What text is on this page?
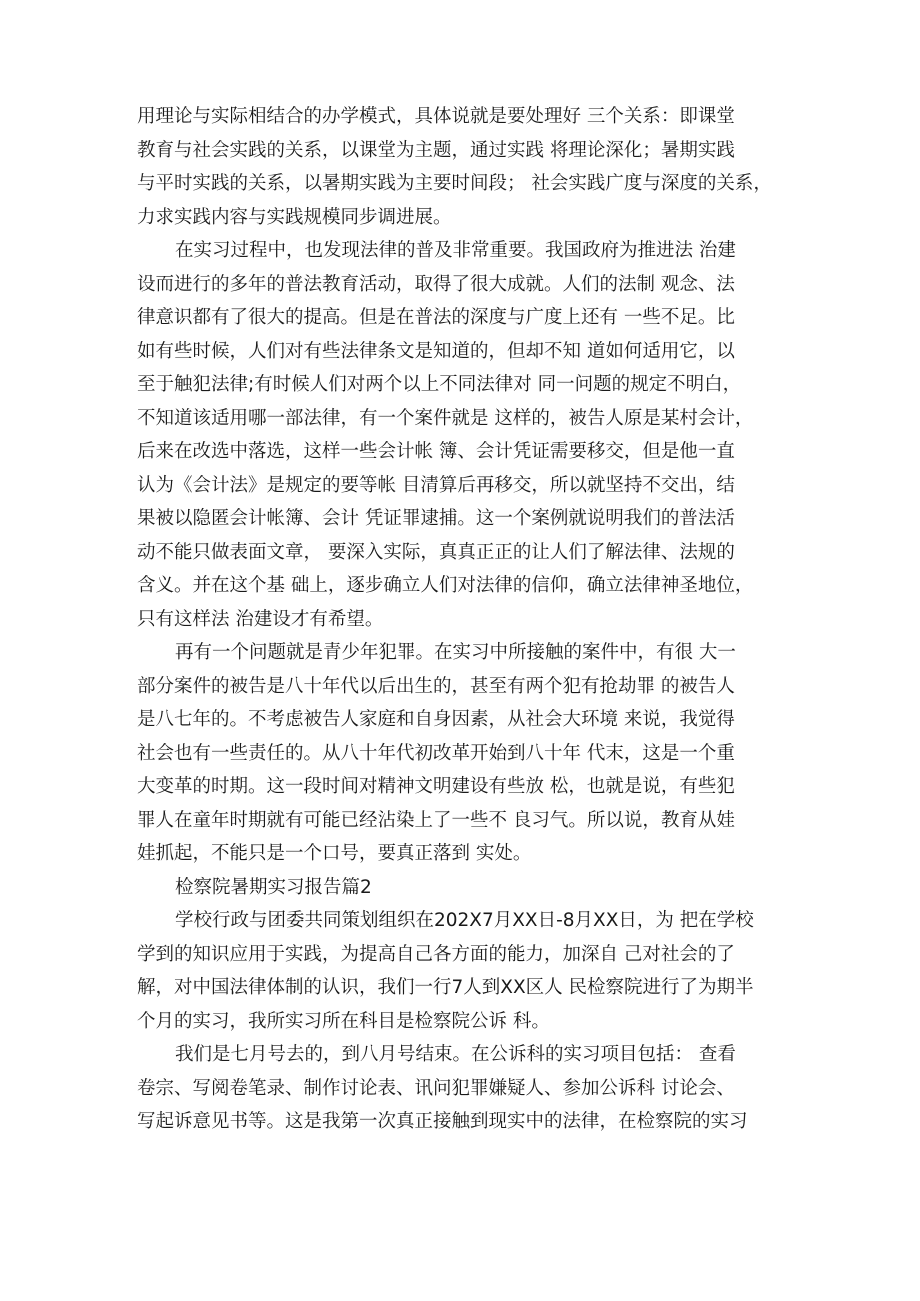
用理论与实际相结合的办学模式，具体说就是要处理好 三个关系：即课堂
教育与社会实践的关系，以课堂为主题，通过实践 将理论深化；暑期实践
与平时实践的关系，以暑期实践为主要时间段； 社会实践广度与深度的关系，
力求实践内容与实践规模同步调进展。
在实习过程中，也发现法律的普及非常重要。我国政府为推进法 治建
设而进行的多年的普法教育活动，取得了很大成就。人们的法制 观念、法
律意识都有了很大的提高。但是在普法的深度与广度上还有 一些不足。比
如有些时候，人们对有些法律条文是知道的，但却不知 道如何适用它，以
至于触犯法律;有时候人们对两个以上不同法律对 同一问题的规定不明白，
不知道该适用哪一部法律，有一个案件就是 这样的，被告人原是某村会计，
后来在改选中落选，这样一些会计帐 簿、会计凭证需要移交，但是他一直
认为《会计法》是规定的要等帐 目清算后再移交，所以就坚持不交出，结
果被以隐匿会计帐簿、会计 凭证罪逮捕。这一个案例就说明我们的普法活
动不能只做表面文章， 要深入实际，真真正正的让人们了解法律、法规的
含义。并在这个基 础上，逐步确立人们对法律的信仰，确立法律神圣地位，
只有这样法 治建设才有希望。
再有一个问题就是青少年犯罪。在实习中所接触的案件中，有很 大一
部分案件的被告是八十年代以后出生的，甚至有两个犯有抢劫罪 的被告人
是八七年的。不考虑被告人家庭和自身因素，从社会大环境 来说，我觉得
社会也有一些责任的。从八十年代初改革开始到八十年 代末，这是一个重
大变革的时期。这一段时间对精神文明建设有些放 松，也就是说，有些犯
罪人在童年时期就有可能已经沾染上了一些不 良习气。所以说，教育从娃
娃抓起，不能只是一个口号，要真正落到 实处。
检察院暑期实习报告篇2
学校行政与团委共同策划组织在202X7月XX日-8月XX日，为 把在学校
学到的知识应用于实践，为提高自己各方面的能力，加深自 己对社会的了
解，对中国法律体制的认识，我们一行7人到XX区人 民检察院进行了为期半
个月的实习，我所实习所在科目是检察院公诉 科。
我们是七月号去的，到八月号结束。在公诉科的实习项目包括： 查看
卷宗、写阅卷笔录、制作讨论表、讯问犯罪嫌疑人、参加公诉科 讨论会、
写起诉意见书等。这是我第一次真正接触到现实中的法律，在检察院的实习
